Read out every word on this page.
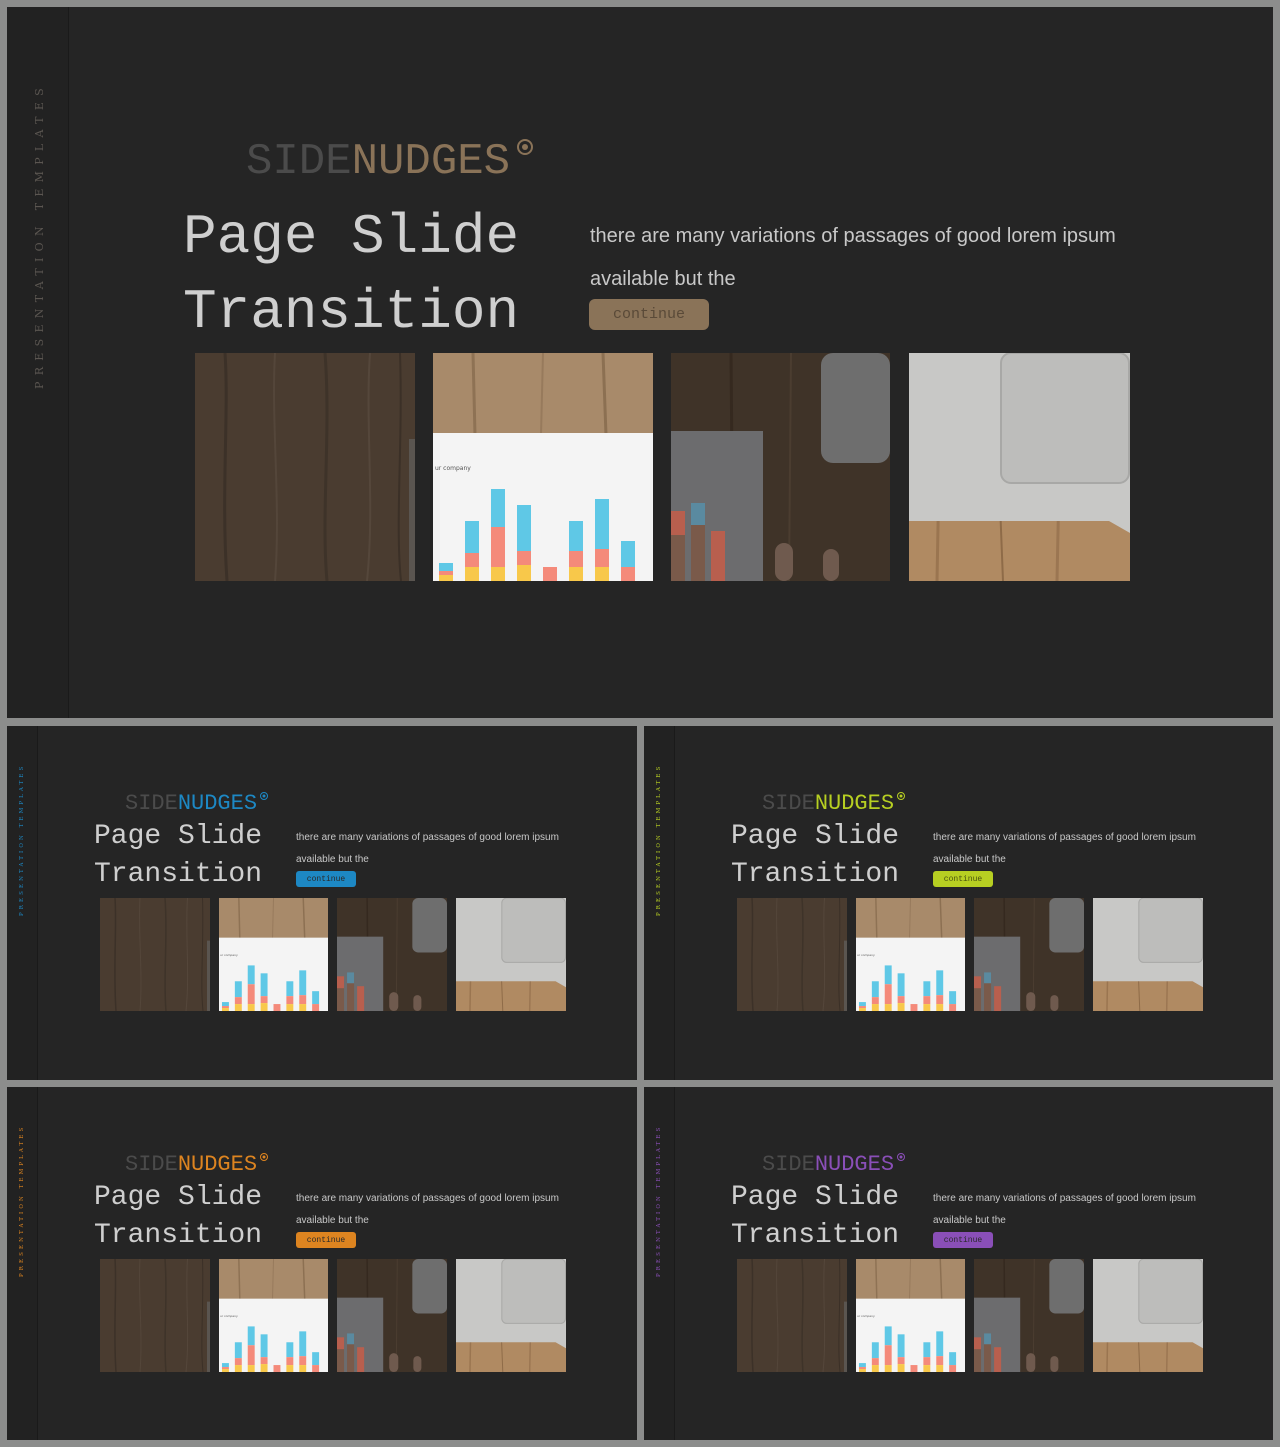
PRESENTATION TEMPLATES	SIDENUDGES
Page Slide
Transition
there are many variations of passages of good lorem ipsum available but the
continue
ur company
PRESENTATION TEMPLATES	SIDENUDGES
Page Slide
Transition
there are many variations of passages of good lorem ipsum available but the
continue
ur company
PRESENTATION TEMPLATES	SIDENUDGES
Page Slide
Transition
there are many variations of passages of good lorem ipsum available but the
continue
ur company
PRESENTATION TEMPLATES	SIDENUDGES
Page Slide
Transition
there are many variations of passages of good lorem ipsum available but the
continue
ur company
PRESENTATION TEMPLATES	SIDENUDGES
Page Slide
Transition
there are many variations of passages of good lorem ipsum available but the
continue
ur company
